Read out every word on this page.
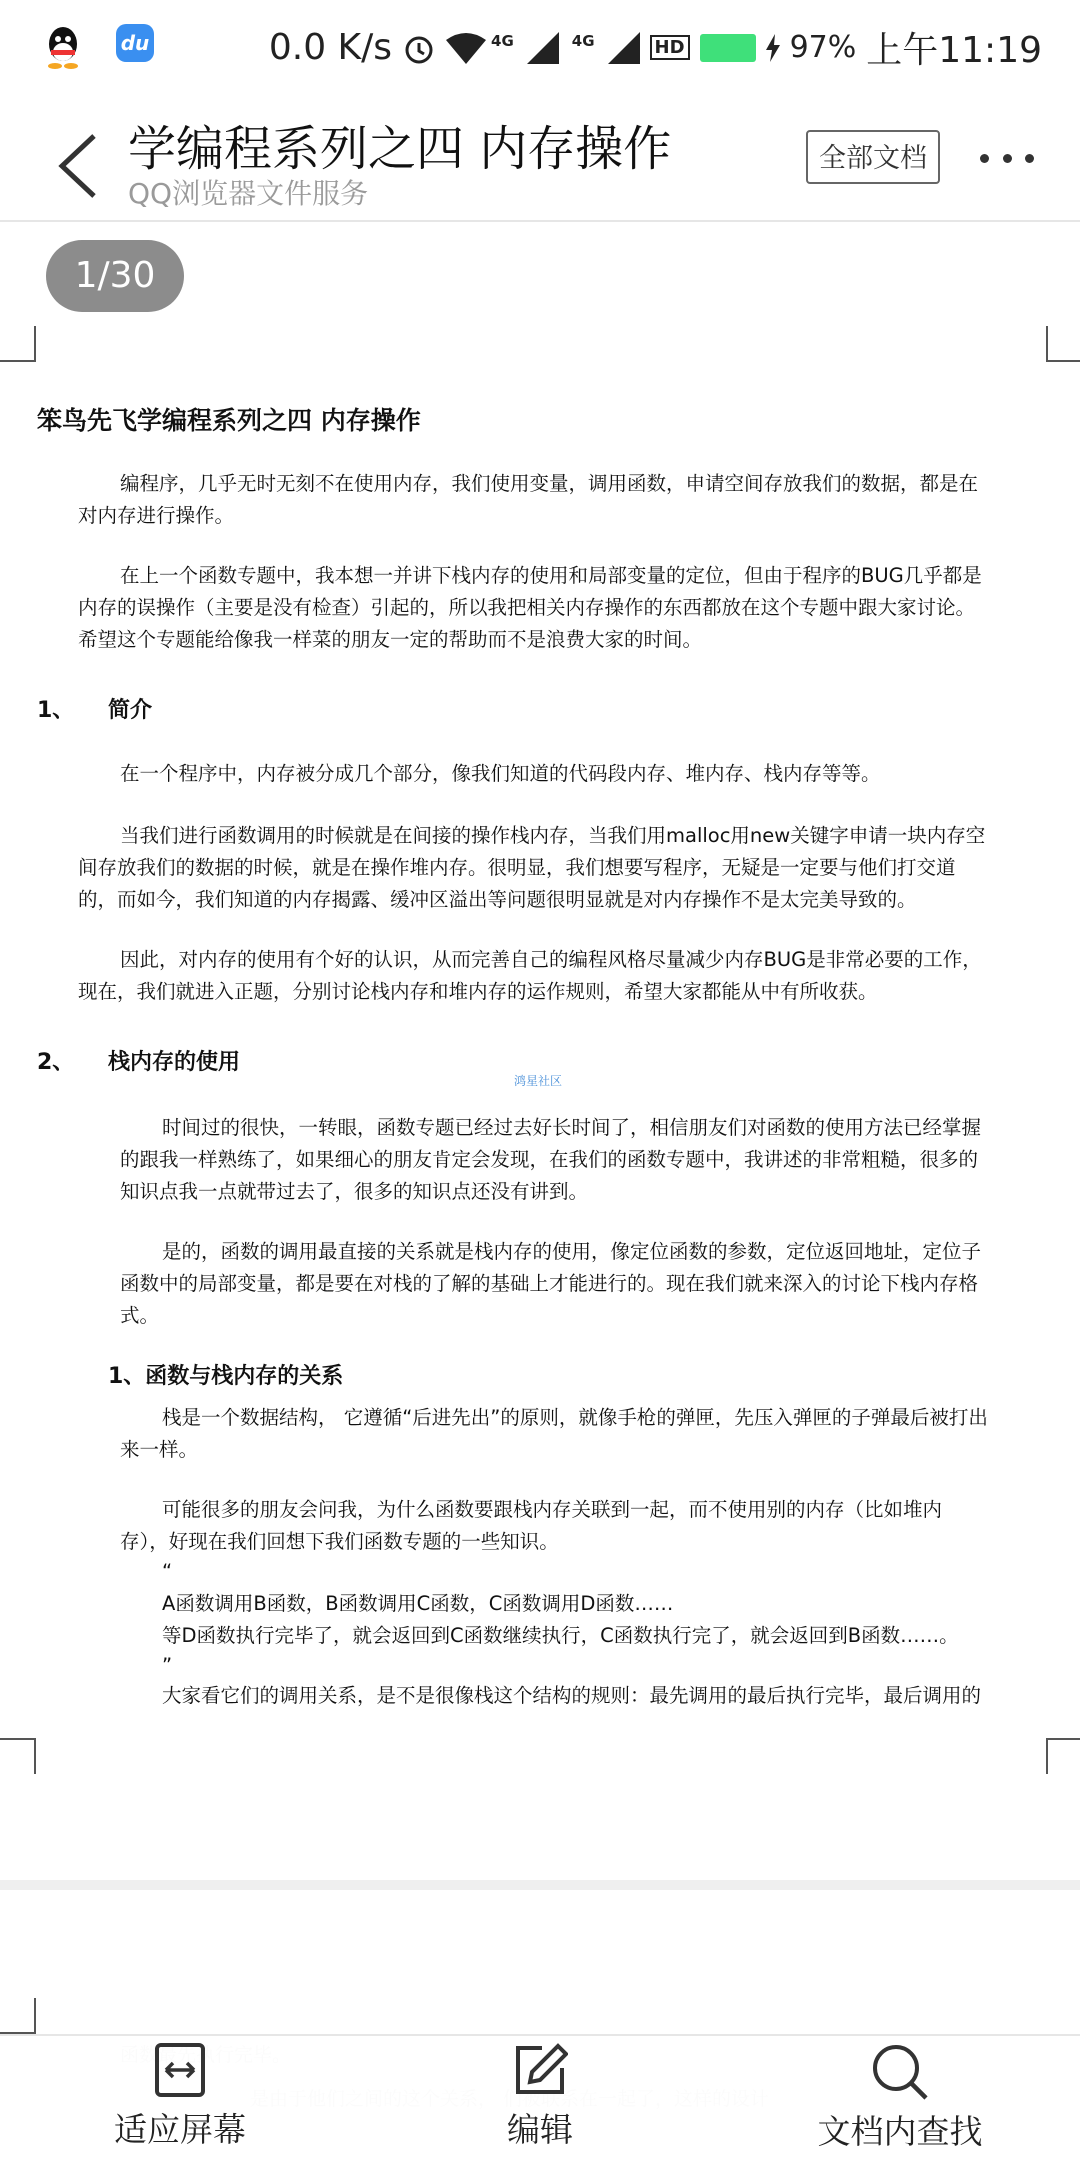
du	0.0 K/s	4G	4G	HD	97% 上午11:19
学编程系列之四 内存操作
QQ浏览器文件服务
全部文档
1/30
笨鸟先飞学编程系列之四 内存操作
编程序，几乎无时无刻不在使用内存，我们使用变量，调用函数，申请空间存放我们的数据，都是在
对内存进行操作。
在上一个函数专题中，我本想一并讲下栈内存的使用和局部变量的定位，但由于程序的BUG几乎都是
内存的误操作（主要是没有检查）引起的，所以我把相关内存操作的东西都放在这个专题中跟大家讨论。
希望这个专题能给像我一样菜的朋友一定的帮助而不是浪费大家的时间。
1、 简介
在一个程序中，内存被分成几个部分，像我们知道的代码段内存、堆内存、栈内存等等。
当我们进行函数调用的时候就是在间接的操作栈内存，当我们用malloc用new关键字申请一块内存空
间存放我们的数据的时候，就是在操作堆内存。很明显，我们想要写程序，无疑是一定要与他们打交道
的，而如今，我们知道的内存揭露、缓冲区溢出等问题很明显就是对内存操作不是太完美导致的。
因此，对内存的使用有个好的认识，从而完善自己的编程风格尽量减少内存BUG是非常必要的工作，
现在，我们就进入正题，分别讨论栈内存和堆内存的运作规则，希望大家都能从中有所收获。
2、 栈内存的使用
鸿星社区
时间过的很快，一转眼，函数专题已经过去好长时间了，相信朋友们对函数的使用方法已经掌握
的跟我一样熟练了，如果细心的朋友肯定会发现，在我们的函数专题中，我讲述的非常粗糙，很多的
知识点我一点就带过去了，很多的知识点还没有讲到。
是的，函数的调用最直接的关系就是栈内存的使用，像定位函数的参数，定位返回地址，定位子
函数中的局部变量，都是要在对栈的了解的基础上才能进行的。现在我们就来深入的讨论下栈内存格
式。
1、函数与栈内存的关系
栈是一个数据结构， 它遵循“后进先出”的原则，就像手枪的弹匣，先压入弹匣的子弹最后被打出
来一样。
可能很多的朋友会问我，为什么函数要跟栈内存关联到一起，而不使用别的内存（比如堆内
存），好现在我们回想下我们函数专题的一些知识。
“
A函数调用B函数，B函数调用C函数，C函数调用D函数……
等D函数执行完毕了，就会返回到C函数继续执行，C函数执行完了，就会返回到B函数……。
”
大家看它们的调用关系，是不是很像栈这个结构的规则：最先调用的最后执行完毕，最后调用的
适应屏幕	编辑	文档内查找
